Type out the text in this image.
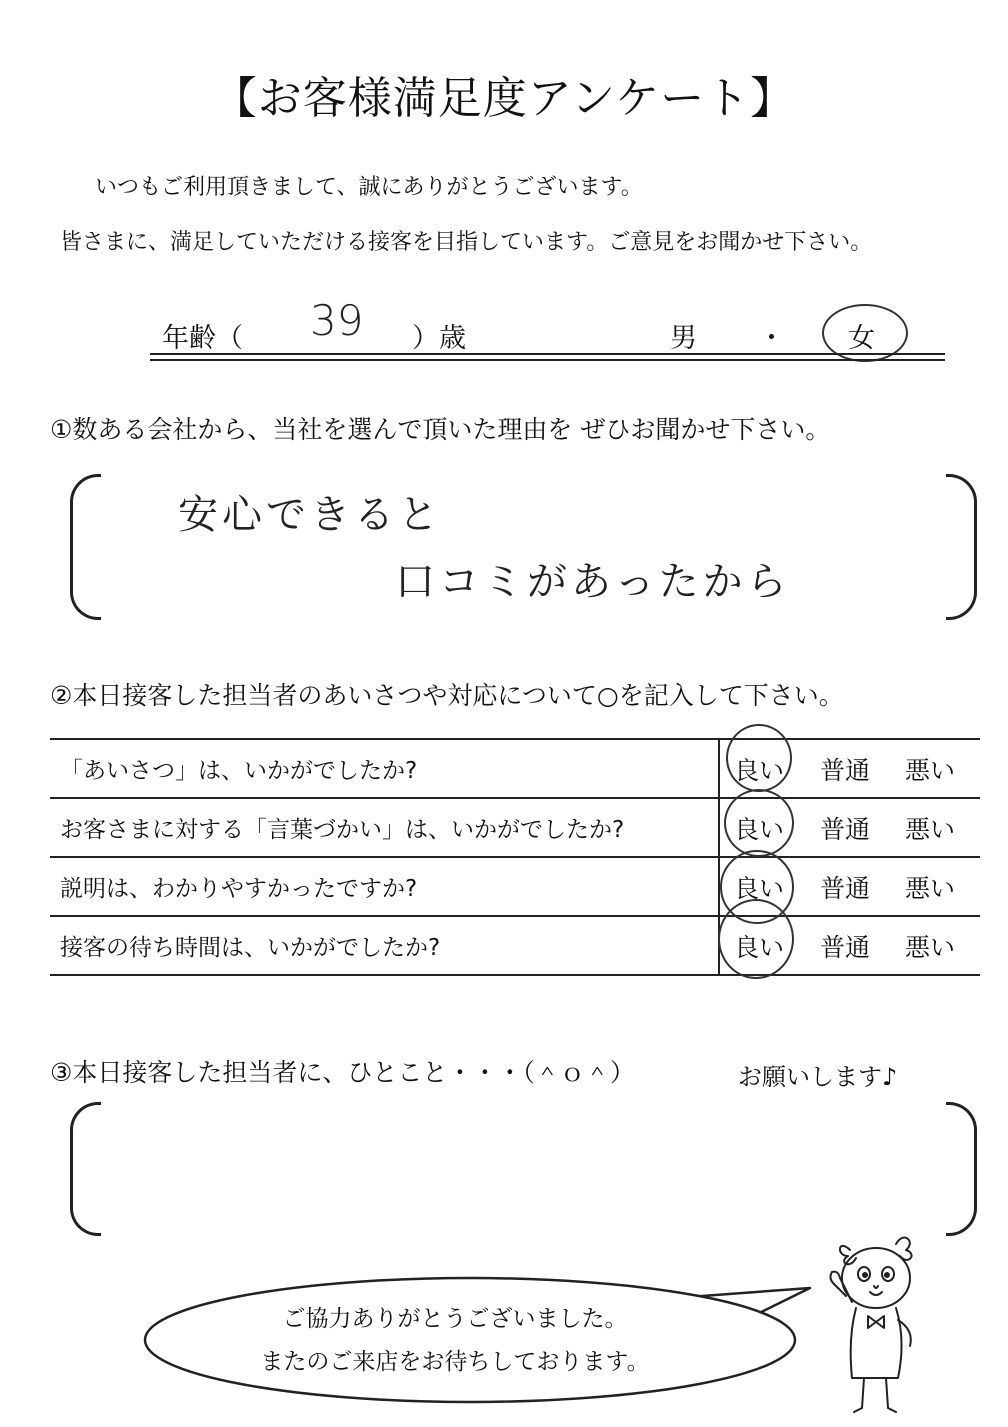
【お客様満足度アンケート】
いつもご利用頂きまして、誠にありがとうございます。
皆さまに、満足していただける接客を目指しています。ご意見をお聞かせ下さい。
年齢（ 39 ）歳	男 ・ 女
①数ある会社から、当社を選んで頂いた理由を ぜひお聞かせ下さい。
安心できると
口コミがあったから
②本日接客した担当者のあいさつや対応について○を記入して下さい。
「あいさつ」は、いかがでしたか?	良い 普通 悪い

お客さまに対する「言葉づかい」は、いかがでしたか?	良い 普通 悪い

説明は、わかりやすかったですか?	良い 普通 悪い

接客の待ち時間は、いかがでしたか?	良い 普通 悪い
③本日接客した担当者に、ひとこと・・・（＾ｏ＾）	お願いします♪
ご協力ありがとうございました。
またのご来店をお待ちしております。
